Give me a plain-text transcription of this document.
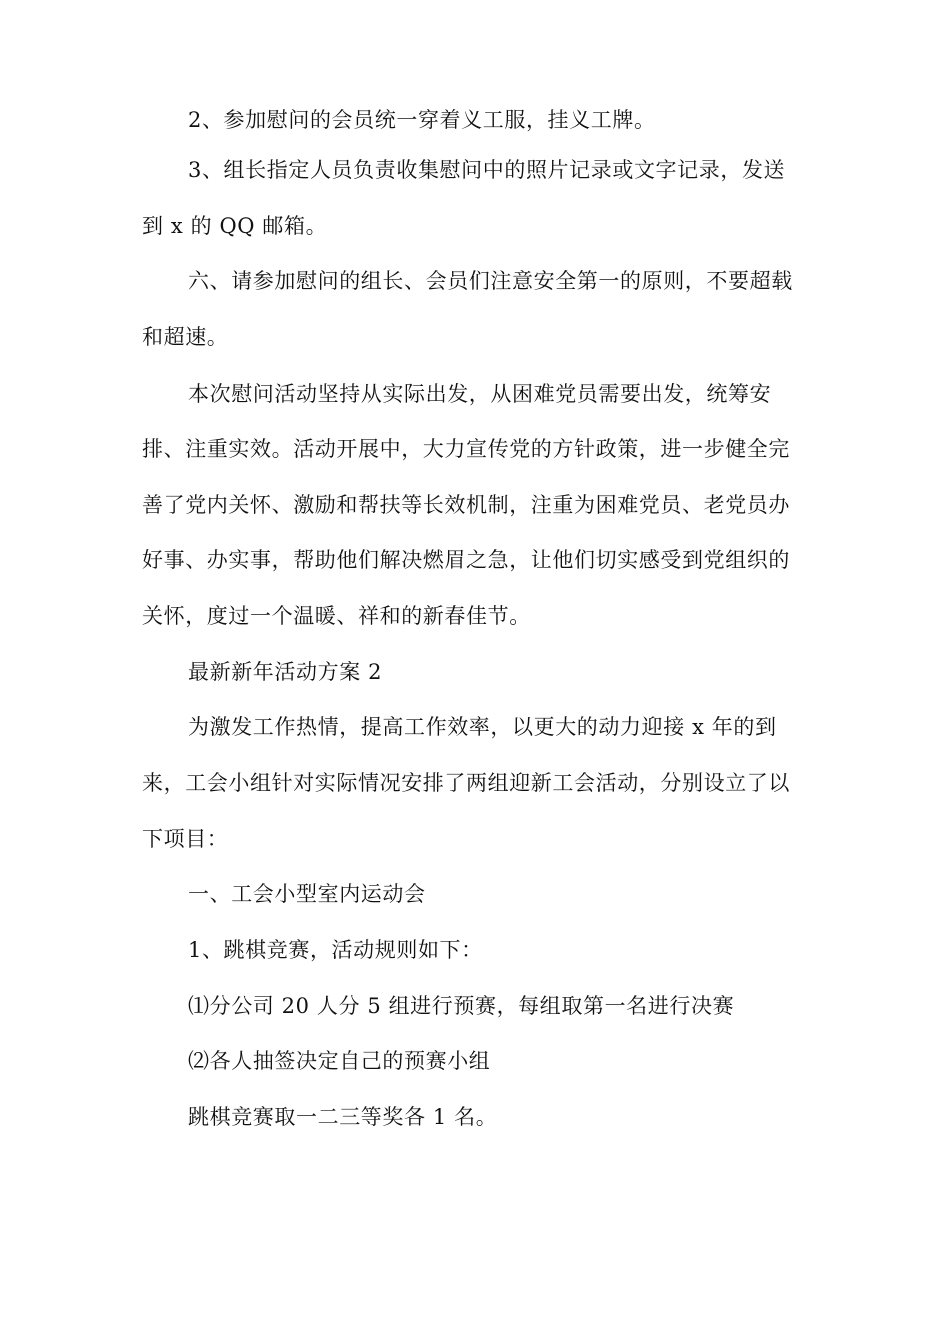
2、参加慰问的会员统一穿着义工服，挂义工牌。

3、组长指定人员负责收集慰问中的照片记录或文字记录，发送

到 x 的 QQ 邮箱。

六、请参加慰问的组长、会员们注意安全第一的原则，不要超载

和超速。

本次慰问活动坚持从实际出发，从困难党员需要出发，统筹安

排、注重实效。活动开展中，大力宣传党的方针政策，进一步健全完

善了党内关怀、激励和帮扶等长效机制，注重为困难党员、老党员办

好事、办实事，帮助他们解决燃眉之急，让他们切实感受到党组织的

关怀，度过一个温暖、祥和的新春佳节。

最新新年活动方案 2

为激发工作热情，提高工作效率，以更大的动力迎接 x 年的到

来，工会小组针对实际情况安排了两组迎新工会活动，分别设立了以

下项目：

一、工会小型室内运动会

1、跳棋竞赛，活动规则如下：

⑴分公司 20 人分 5 组进行预赛，每组取第一名进行决赛

⑵各人抽签决定自己的预赛小组

跳棋竞赛取一二三等奖各 1 名。
